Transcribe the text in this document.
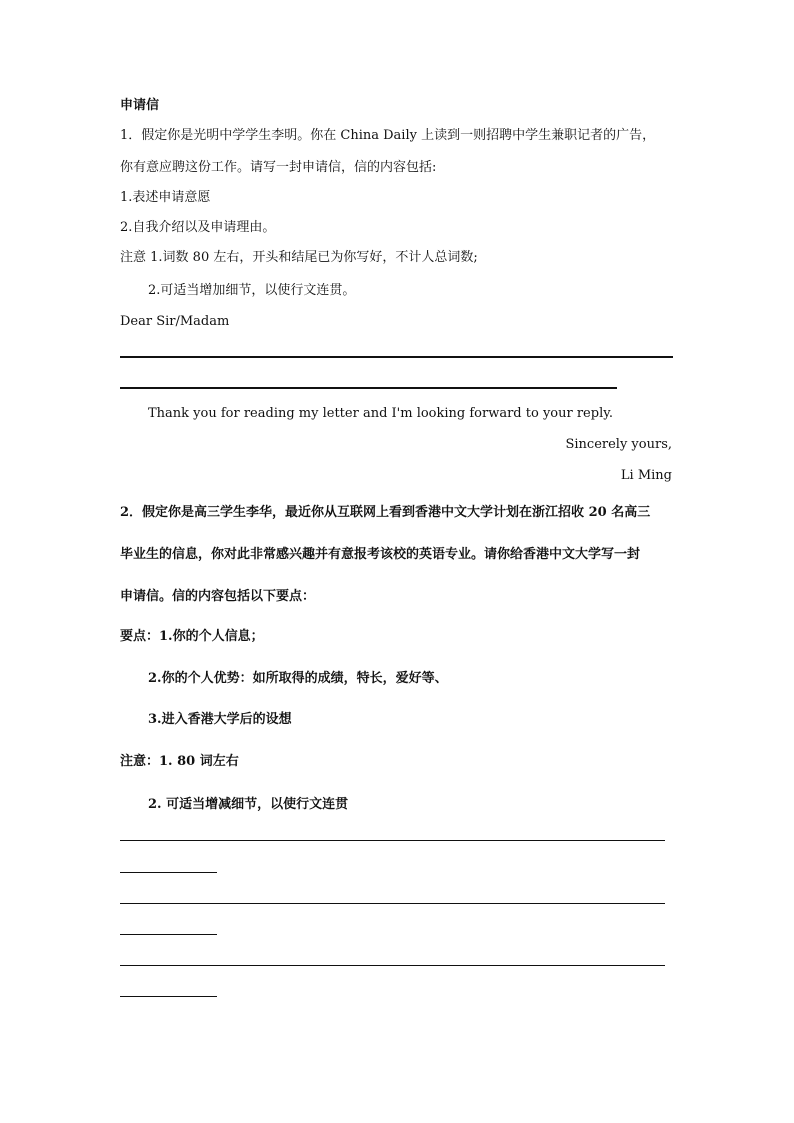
申请信
1．假定你是光明中学学生李明。你在 China Daily 上读到一则招聘中学生兼职记者的广告，
你有意应聘这份工作。请写一封申请信，信的内容包括:
1.表述申请意愿
2.自我介绍以及申请理由。
注意 1.词数 80 左右，开头和结尾已为你写好，不计人总词数;
2.可适当增加细节，以使行文连贯。
Dear Sir/Madam
Thank you for reading my letter and I'm looking forward to your reply.
Sincerely yours,
Li Ming
2．假定你是高三学生李华，最近你从互联网上看到香港中文大学计划在浙江招收 20 名高三
毕业生的信息，你对此非常感兴趣并有意报考该校的英语专业。请你给香港中文大学写一封
申请信。信的内容包括以下要点：
要点：1.你的个人信息；
2.你的个人优势：如所取得的成绩，特长，爱好等、
3.进入香港大学后的设想
注意：1. 80 词左右
2. 可适当增减细节，以使行文连贯
